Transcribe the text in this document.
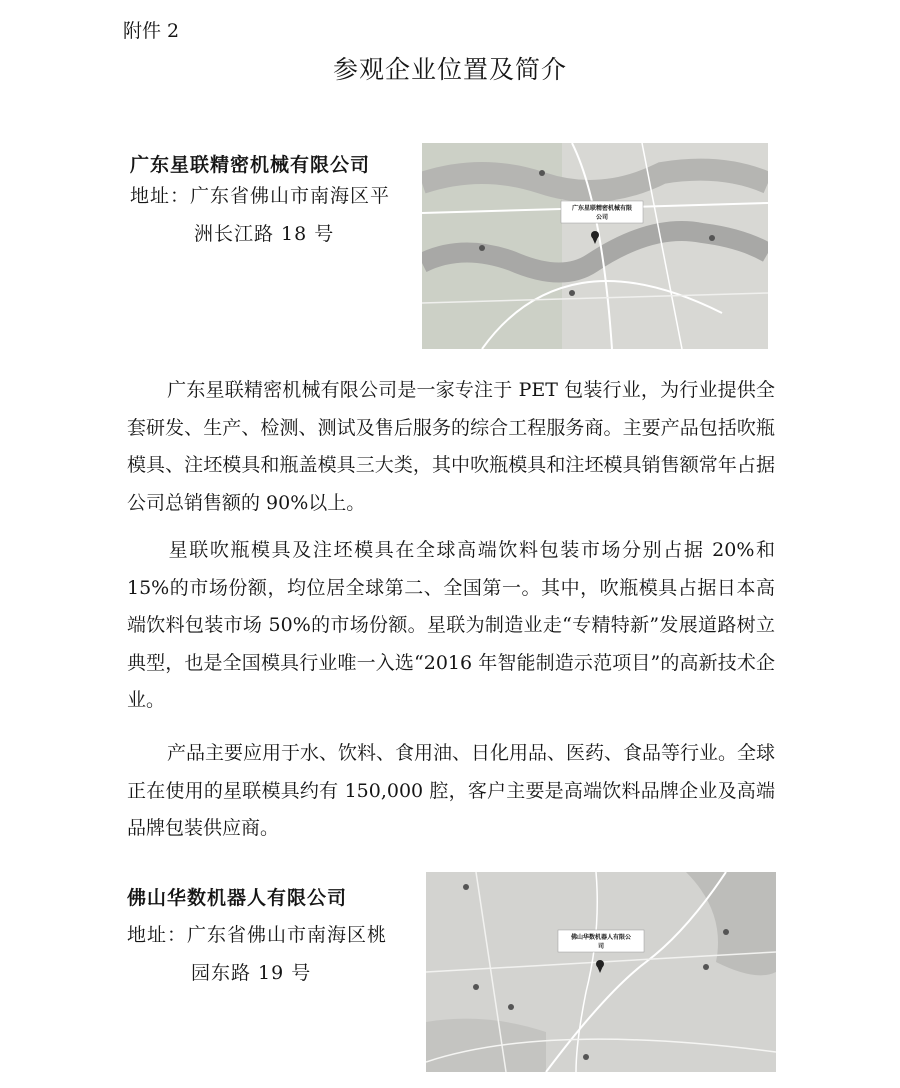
附件 2
参观企业位置及简介
广东星联精密机械有限公司
地址：广东省佛山市南海区平
洲长江路 18 号
广东星联精密机械有限
公司
广东星联精密机械有限公司是一家专注于 PET 包装行业，为行业提供全套研发、生产、检测、测试及售后服务的综合工程服务商。主要产品包括吹瓶模具、注坯模具和瓶盖模具三大类，其中吹瓶模具和注坯模具销售额常年占据公司总销售额的 90%以上。
星联吹瓶模具及注坯模具在全球高端饮料包装市场分别占据 20%和 15%的市场份额，均位居全球第二、全国第一。其中，吹瓶模具占据日本高端饮料包装市场 50%的市场份额。星联为制造业走“专精特新”发展道路树立典型，也是全国模具行业唯一入选“2016 年智能制造示范项目”的高新技术企业。
产品主要应用于水、饮料、食用油、日化用品、医药、食品等行业。全球正在使用的星联模具约有 150,000 腔，客户主要是高端饮料品牌企业及高端品牌包装供应商。
佛山华数机器人有限公司
地址：广东省佛山市南海区桃
园东路 19 号
佛山华数机器人有限公
司
